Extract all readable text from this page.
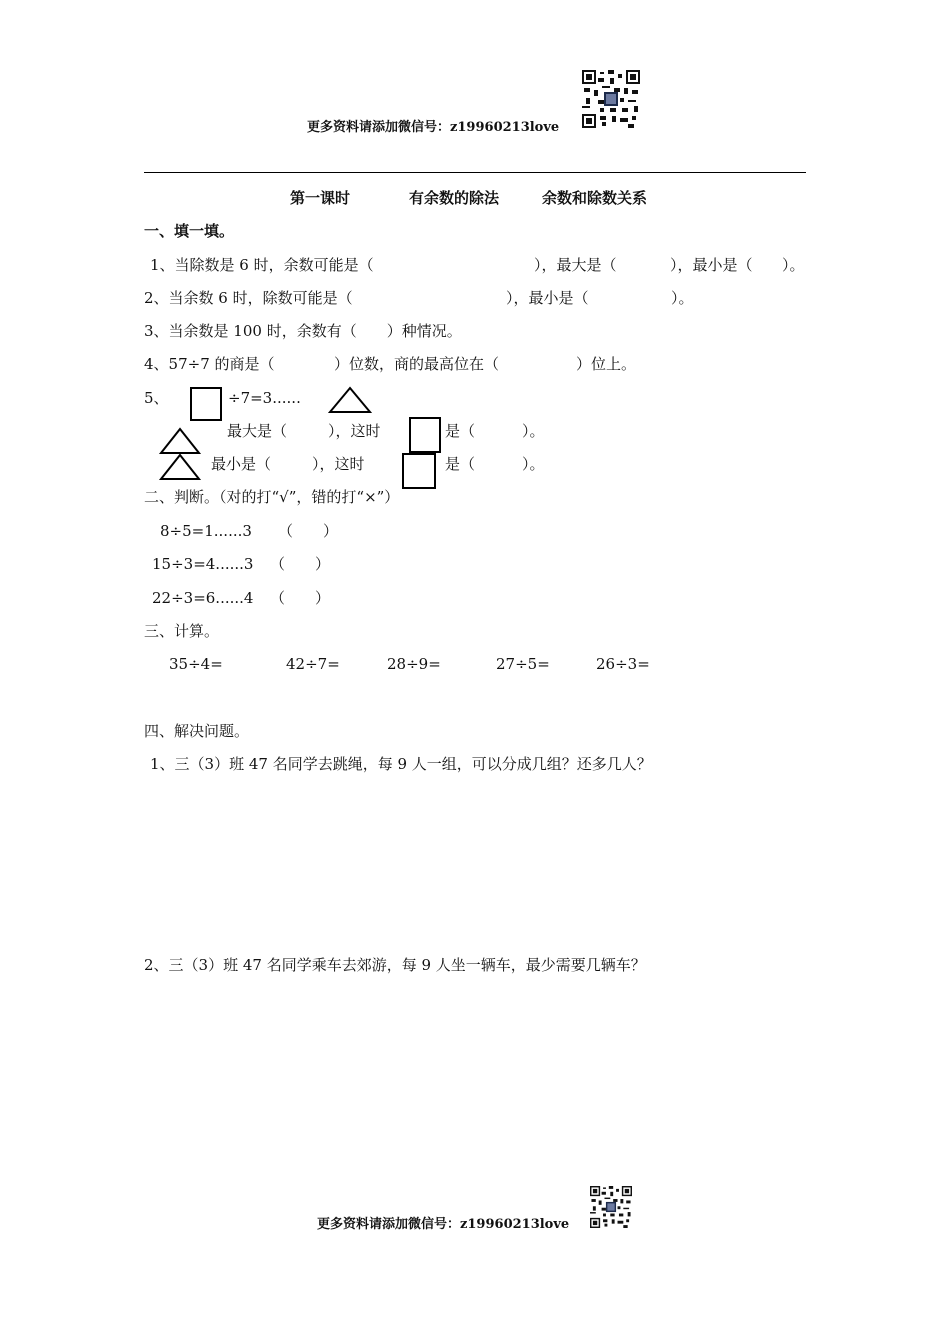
更多资料请添加微信号：z19960213love
第一课时	有余数的除法	余数和除数关系
一、填一填。
1、当除数是 6 时，余数可能是（	），最大是（	），最小是（ ）。
2、当余数 6 时，除数可能是（	），最小是（	）。
3、当余数是 100 时，余数有（　　）种情况。
4、57÷7 的商是（	）位数，商的最高位在（	）位上。
5、	÷7=3......
最大是（	），这时	是（	）。
最小是（	），这时	是（	）。
二、判断。（对的打“√”，错的打“×”）
8÷5=1......3 （　　）
15÷3=4......3 （　　）
22÷3=6......4 （　　）
三、计算。
35÷4=	42÷7=	28÷9=	27÷5=	26÷3=
四、解决问题。
1、三（3）班 47 名同学去跳绳，每 9 人一组，可以分成几组？还多几人？
2、三（3）班 47 名同学乘车去郊游，每 9 人坐一辆车，最少需要几辆车？
更多资料请添加微信号：z19960213love
